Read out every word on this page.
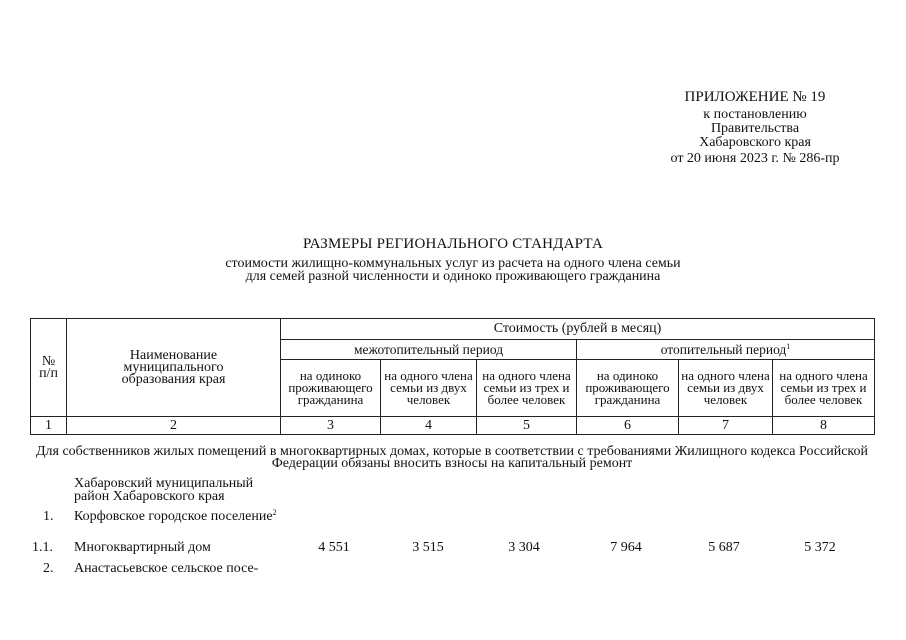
ПРИЛОЖЕНИЕ № 19
к постановлению
Правительства
Хабаровского края
от 20 июня 2023 г. № 286-пр
РАЗМЕРЫ РЕГИОНАЛЬНОГО СТАНДАРТА
стоимости жилищно-коммунальных услуг из расчета на одного члена семьи
для семей разной численности и одиноко проживающего гражданина
№ п/п	Наименование муниципального образования края	Стоимость (рублей в месяц)					
		межотопительный период			отопительный период$^1$
		на одиноко проживающего гражданина	на одного члена семьи из двух человек	на одного члена семьи из трех и более человек	на одиноко проживающего гражданина	на одного члена семьи из двух человек	на одного члена семьи из трех и более человек
1	2	3	4	5	6	7	8
Для собственников жилых помещений в многоквартирных домах, которые в соответствии с требованиями Жилищного кодекса Российской Федерации обязаны вносить взносы на капитальный ремонт
Хабаровский муниципальный район Хабаровского края
1. Корфовское городское поселение$^2$
1.1. Многоквартирный дом	4 551	3 515	3 304	7 964	5 687	5 372
2. Анастасьевское сельское посе-
